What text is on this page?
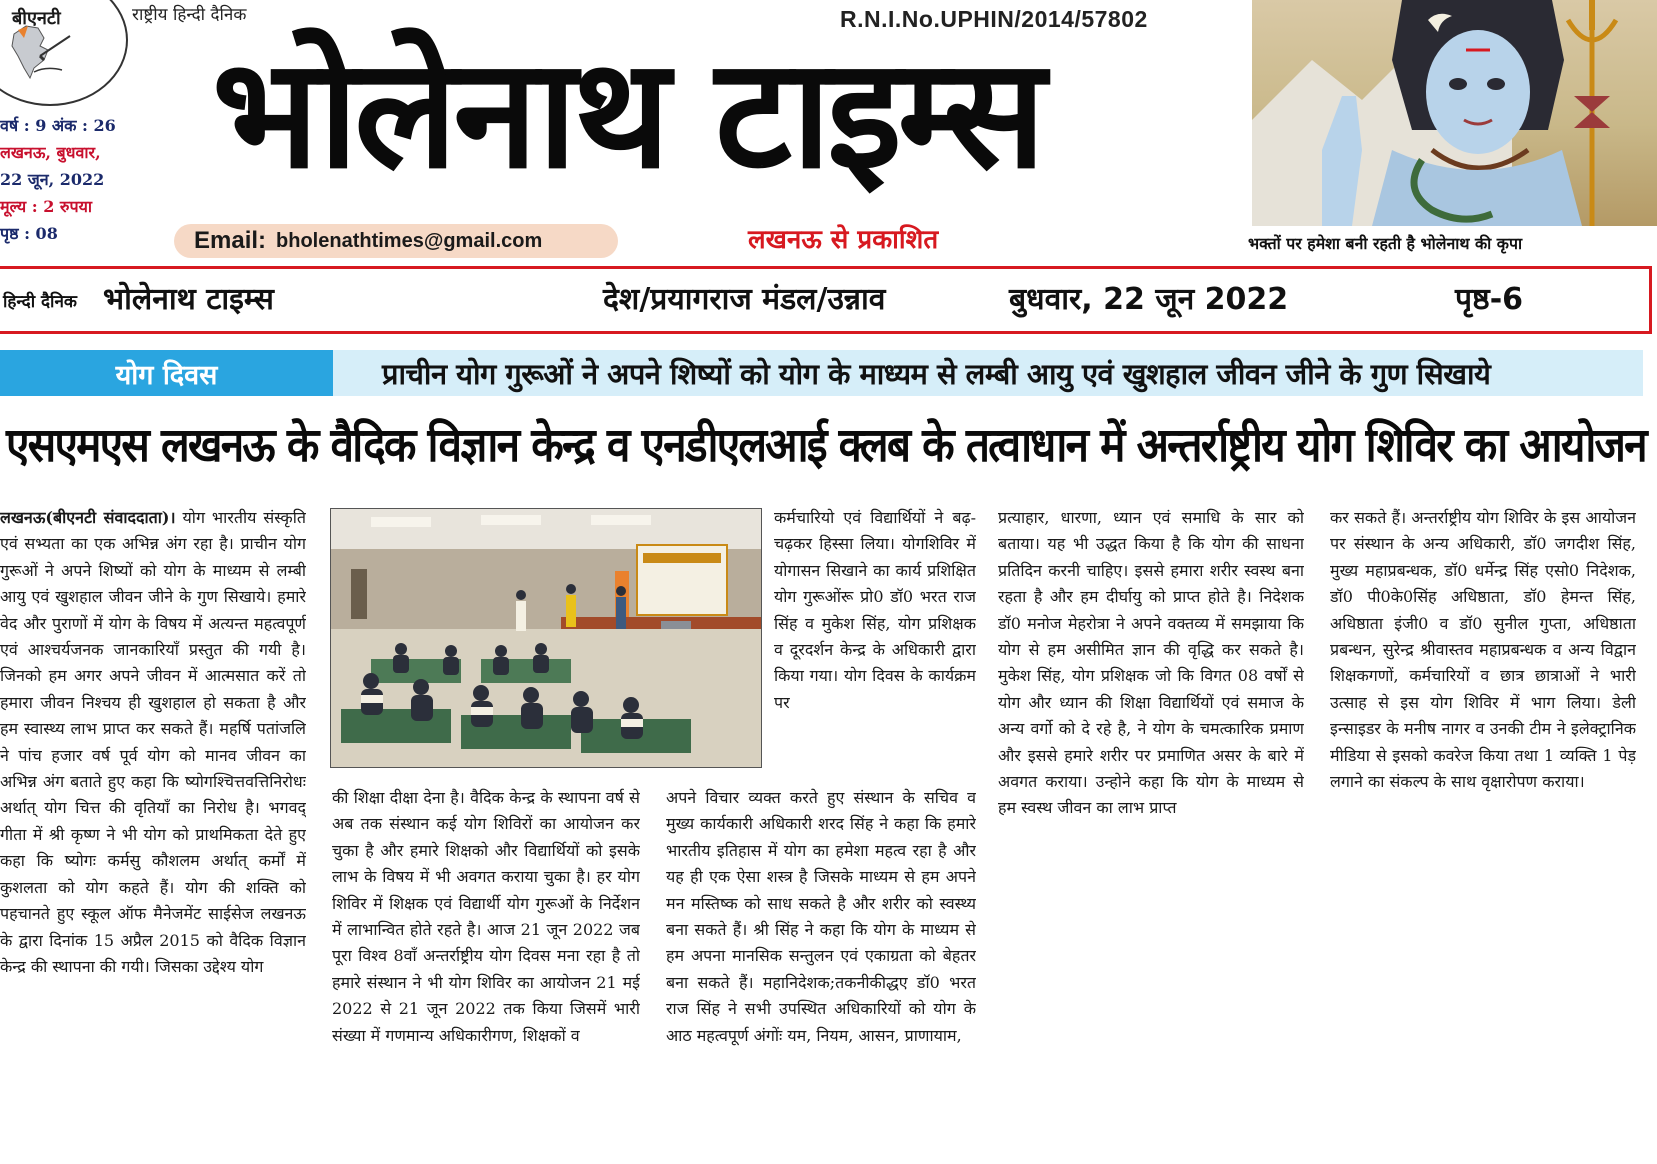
बीएनटी	राष्ट्रीय हिन्दी दैनिक
वर्ष : 9 अंक : 26
लखनऊ, बुधवार,
22 जून, 2022
मूल्य : 2 रुपया
पृष्ठ : 08
R.N.I.No.UPHIN/2014/57802
भोलेनाथ टाइम्स
Email: bholenathtimes@gmail.com	लखनऊ से प्रकाशित	भक्तों पर हमेशा बनी रहती है भोलेनाथ की कृपा
हिन्दी दैनिक भोलेनाथ टाइम्स	देश/प्रयागराज मंडल/उन्नाव	बुधवार, 22 जून 2022	पृष्ठ-6
योग दिवस	प्राचीन योग गुरूओं ने अपने शिष्यों को योग के माध्यम से लम्बी आयु एवं खुशहाल जीवन जीने के गुण सिखाये
एसएमएस लखनऊ के वैदिक विज्ञान केन्द्र व एनडीएलआई क्लब के तत्वाधान में अन्तर्राष्ट्रीय योग शिविर का आयोजन
लखनऊ(बीएनटी संवाददाता)। योग भारतीय संस्कृति एवं सभ्यता का एक अभिन्न अंग रहा है। प्राचीन योग गुरूओं ने अपने शिष्यों को योग के माध्यम से लम्बी आयु एवं खुशहाल जीवन जीने के गुण सिखाये। हमारे वेद और पुराणों में योग के विषय में अत्यन्त महत्वपूर्ण एवं आश्चर्यजनक जानकारियाँ प्रस्तुत की गयी है। जिनको हम अगर अपने जीवन में आत्मसात करें तो हमारा जीवन निश्चय ही खुशहाल हो सकता है और हम स्वास्थ्य लाभ प्राप्त कर सकते हैं। महर्षि पतांजलि ने पांच हजार वर्ष पूर्व योग को मानव जीवन का अभिन्न अंग बताते हुए कहा कि ष्योगश्चित्तवत्तिनिरोधः अर्थात् योग चित्त की वृतियाँ का निरोध है। भगवद् गीता में श्री कृष्ण ने भी योग को प्राथमिकता देते हुए कहा कि ष्योगः कर्मसु कौशलम अर्थात् कर्मों में कुशलता को योग कहते हैं। योग की शक्ति को पहचानते हुए स्कूल ऑफ मैनेजमेंट साईसेज लखनऊ के द्वारा दिनांक 15 अप्रैल 2015 को वैदिक विज्ञान केन्द्र की स्थापना की गयी। जिसका उद्देश्य योग
की शिक्षा दीक्षा देना है। वैदिक केन्द्र के स्थापना वर्ष से अब तक संस्थान कई योग शिविरों का आयोजन कर चुका है और हमारे शिक्षको और विद्यार्थियों को इसके लाभ के विषय में भी अवगत कराया चुका है। हर योग शिविर में शिक्षक एवं विद्यार्थी योग गुरूओं के निर्देशन में लाभान्वित होते रहते है। आज 21 जून 2022 जब पूरा विश्व 8वॉं अन्तर्राष्ट्रीय योग दिवस मना रहा है तो हमारे संस्थान ने भी योग शिविर का आयोजन 21 मई 2022 से 21 जून 2022 तक किया जिसमें भारी संख्या में गणमान्य अधिकारीगण, शिक्षकों व
कर्मचारियो एवं विद्यार्थियों ने बढ़-चढ़कर हिस्सा लिया। योगशिविर में योगासन सिखाने का कार्य प्रशिक्षित योग गुरूओंरू प्रो0 डॉ0 भरत राज सिंह व मुकेश सिंह, योग प्रशिक्षक व दूरदर्शन केन्द्र के अधिकारी द्वारा किया गया। योग दिवस के कार्यक्रम पर
अपने विचार व्यक्त करते हुए संस्थान के सचिव व मुख्य कार्यकारी अधिकारी शरद सिंह ने कहा कि हमारे भारतीय इतिहास में योग का हमेशा महत्व रहा है और यह ही एक ऐसा शस्त्र है जिसके माध्यम से हम अपने मन मस्तिष्क को साध सकते है और शरीर को स्वस्थ्य बना सकते हैं। श्री सिंह ने कहा कि योग के माध्यम से हम अपना मानसिक सन्तुलन एवं एकाग्रता को बेहतर बना सकते हैं। महानिदेशक;तकनीकीद्धए डॉ0 भरत राज सिंह ने सभी उपस्थित अधिकारियों को योग के आठ महत्वपूर्ण अंगोंः यम, नियम, आसन, प्राणायाम,
प्रत्याहार, धारणा, ध्यान एवं समाधि के सार को बताया। यह भी उद्धत किया है कि योग की साधना प्रतिदिन करनी चाहिए। इससे हमारा शरीर स्वस्थ बना रहता है और हम दीर्घायु को प्राप्त होते है। निदेशक डॉ0 मनोज मेहरोत्रा ने अपने वक्तव्य में समझाया कि योग से हम असीमित ज्ञान की वृद्धि कर सकते है। मुकेश सिंह, योग प्रशिक्षक जो कि विगत 08 वर्षों से योग और ध्यान की शिक्षा विद्यार्थियों एवं समाज के अन्य वर्गो को दे रहे है, ने योग के चमत्कारिक प्रमाण और इससे हमारे शरीर पर प्रमाणित असर के बारे में अवगत कराया। उन्होने कहा कि योग के माध्यम से हम स्वस्थ जीवन का लाभ प्राप्त
कर सकते हैं। अन्तर्राष्ट्रीय योग शिविर के इस आयोजन पर संस्थान के अन्य अधिकारी, डॉ0 जगदीश सिंह, मुख्य महाप्रबन्धक, डॉ0 धर्मेन्द्र सिंह एसो0 निदेशक, डॉ0 पी0के0सिंह अधिष्ठाता, डॉ0 हेमन्त सिंह, अधिष्ठाता इंजी0 व डॉ0 सुनील गुप्ता, अधिष्ठाता प्रबन्धन, सुरेन्द्र श्रीवास्तव महाप्रबन्धक व अन्य विद्वान शिक्षकगणों, कर्मचारियों व छात्र छात्राओं ने भारी उत्साह से इस योग शिविर में भाग लिया। डेली इन्साइडर के मनीष नागर व उनकी टीम ने इलेक्ट्रानिक मीडिया से इसको कवरेज किया तथा 1 व्यक्ति 1 पेड़ लगाने का संकल्प के साथ वृक्षारोपण कराया।
